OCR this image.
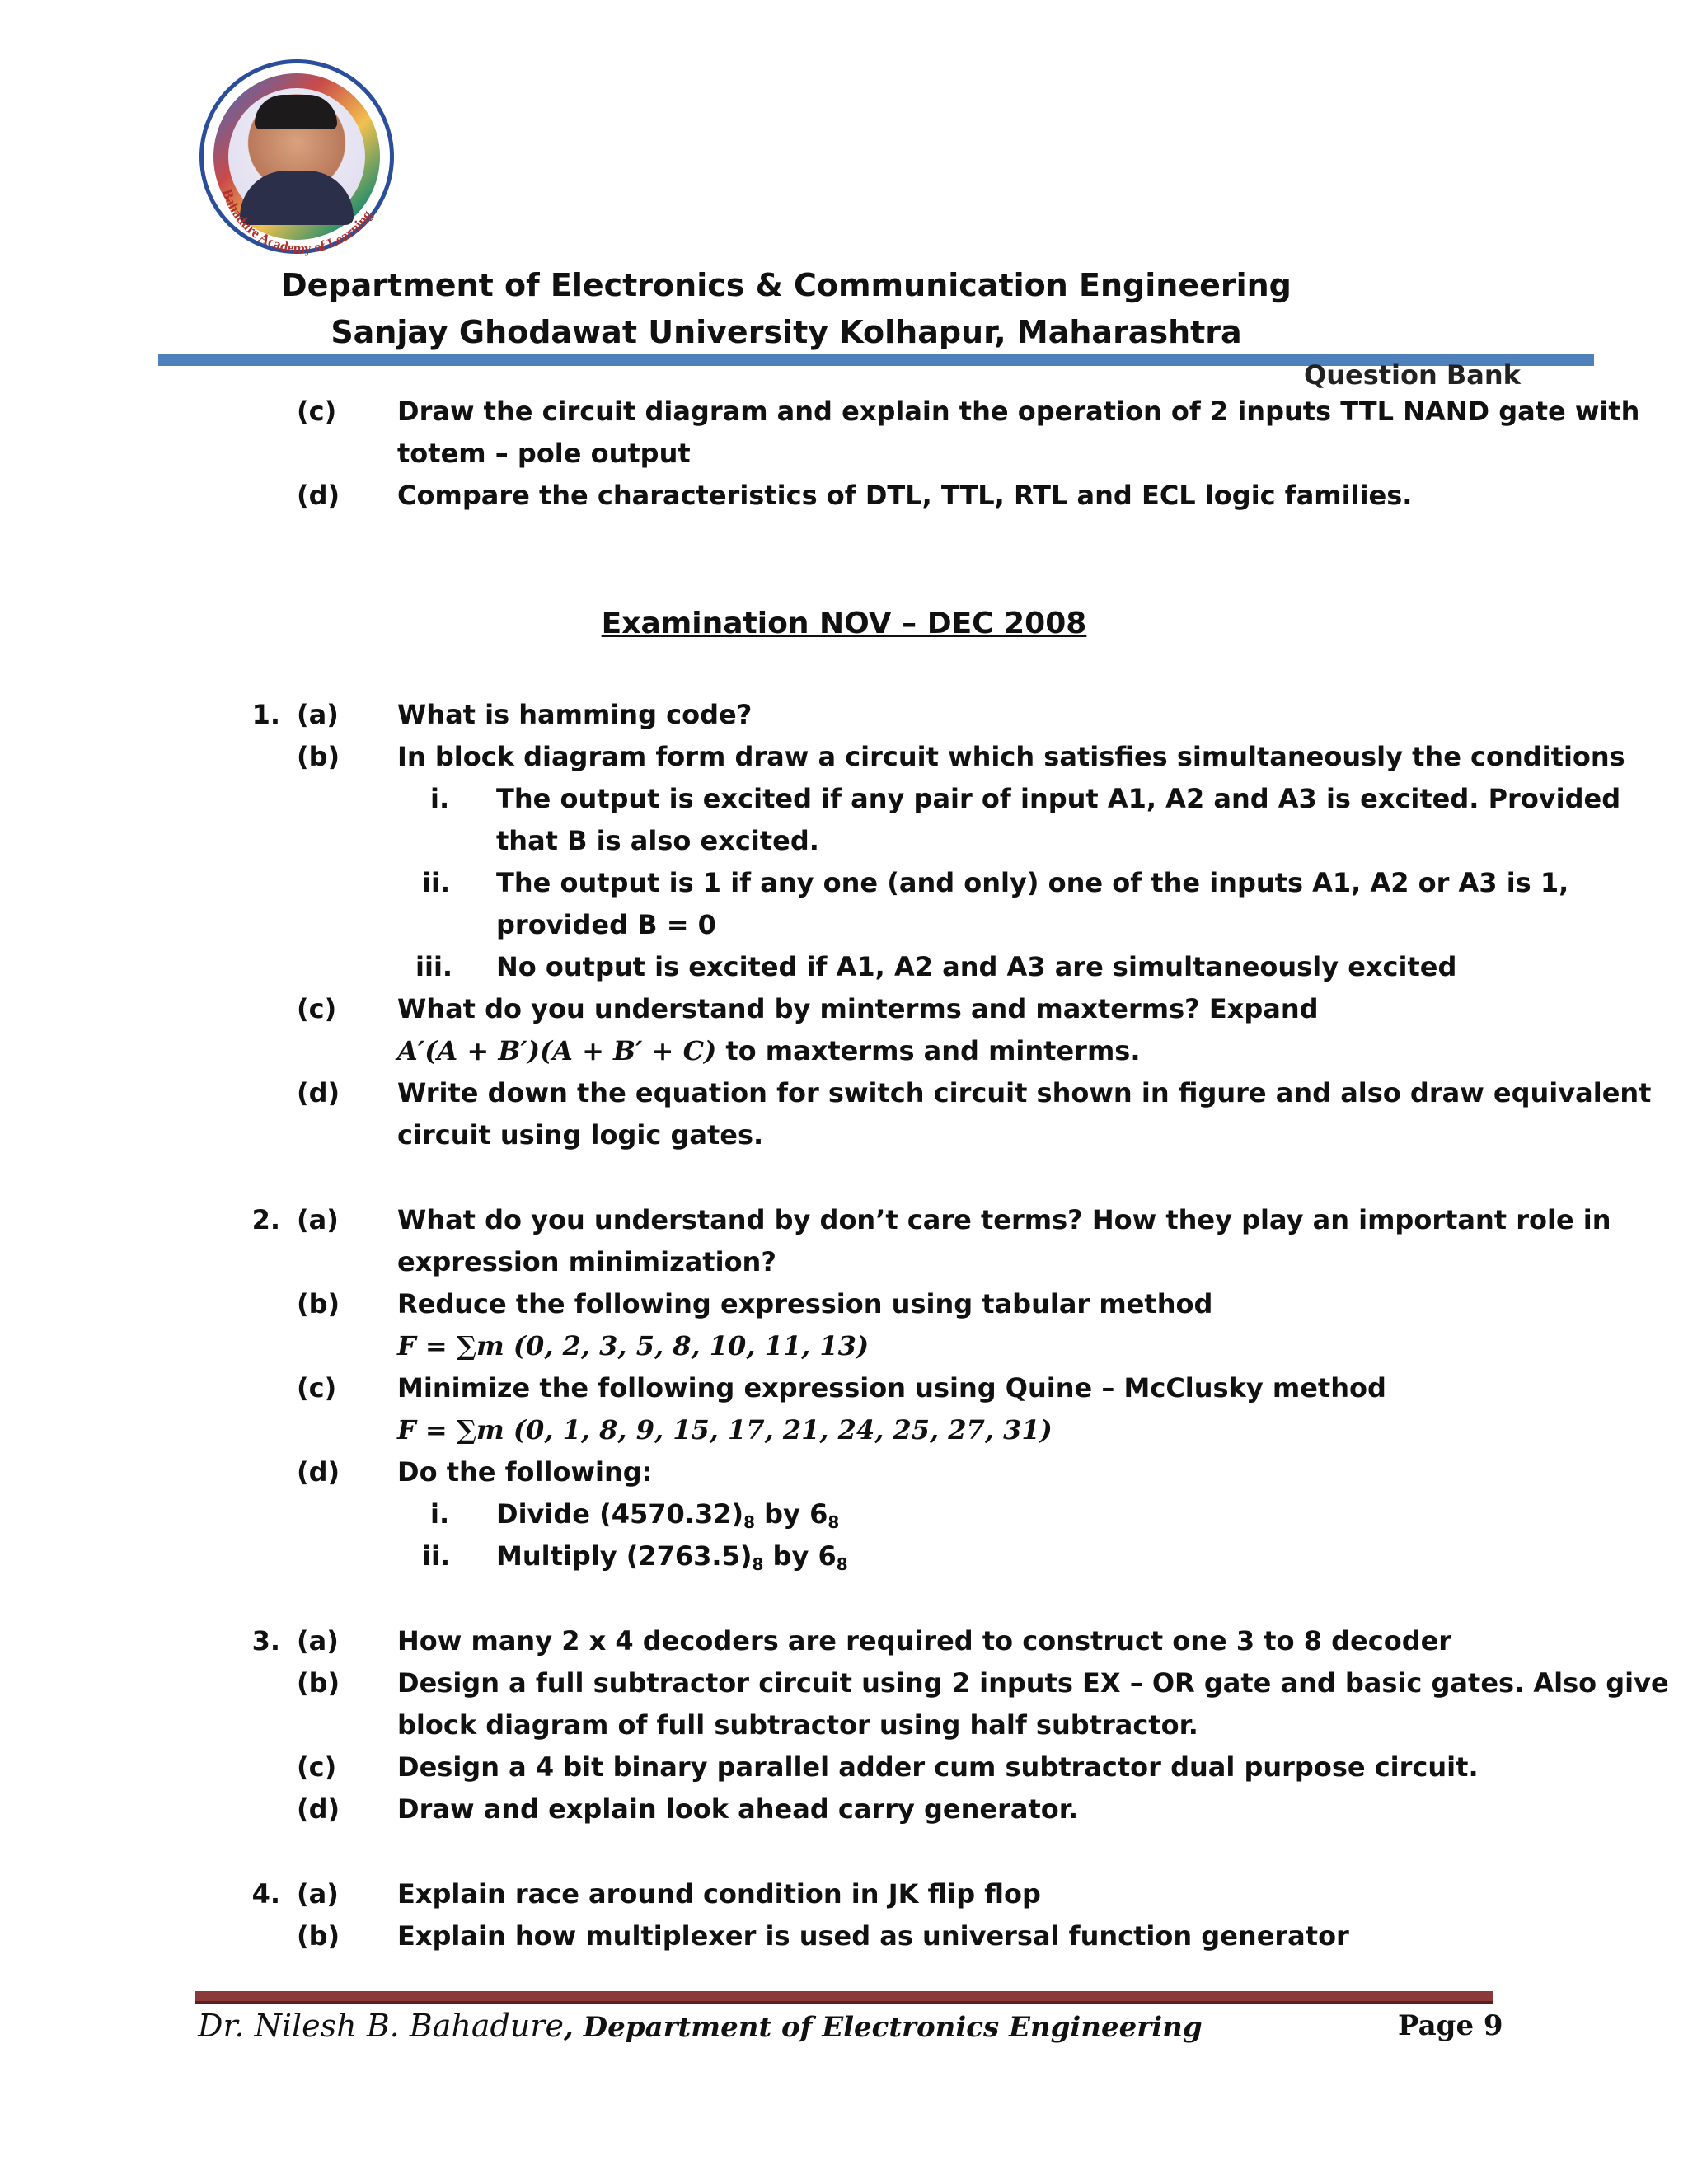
Bahadure Academy of Learning
Department of Electronics & Communication Engineering
Sanjay Ghodawat University Kolhapur, Maharashtra
Question Bank
(c) Draw the circuit diagram and explain the operation of 2 inputs TTL NAND gate with
totem – pole output
(d) Compare the characteristics of DTL, TTL, RTL and ECL logic families.
Examination NOV – DEC 2008
1. (a) What is hamming code?
(b) In block diagram form draw a circuit which satisfies simultaneously the conditions
i. The output is excited if any pair of input A1, A2 and A3 is excited. Provided
that B is also excited.
ii. The output is 1 if any one (and only) one of the inputs A1, A2 or A3 is 1,
provided B = 0
iii. No output is excited if A1, A2 and A3 are simultaneously excited
(c) What do you understand by minterms and maxterms? Expand
A′(A + B′)(A + B′ + C) to maxterms and minterms.
(d) Write down the equation for switch circuit shown in figure and also draw equivalent
circuit using logic gates.
2. (a) What do you understand by don’t care terms? How they play an important role in
expression minimization?
(b) Reduce the following expression using tabular method
F = ∑m (0, 2, 3, 5, 8, 10, 11, 13)
(c) Minimize the following expression using Quine – McClusky method
F = ∑m (0, 1, 8, 9, 15, 17, 21, 24, 25, 27, 31)
(d) Do the following:
i. Divide $(4570.32)_8$ by $6_8$
ii. Multiply $(2763.5)_8$ by $6_8$
3. (a) How many 2 x 4 decoders are required to construct one 3 to 8 decoder
(b) Design a full subtractor circuit using 2 inputs EX – OR gate and basic gates. Also give
block diagram of full subtractor using half subtractor.
(c) Design a 4 bit binary parallel adder cum subtractor dual purpose circuit.
(d) Draw and explain look ahead carry generator.
4. (a) Explain race around condition in JK flip flop
(b) Explain how multiplexer is used as universal function generator
Dr. Nilesh B. Bahadure, Department of Electronics Engineering	Page 9
